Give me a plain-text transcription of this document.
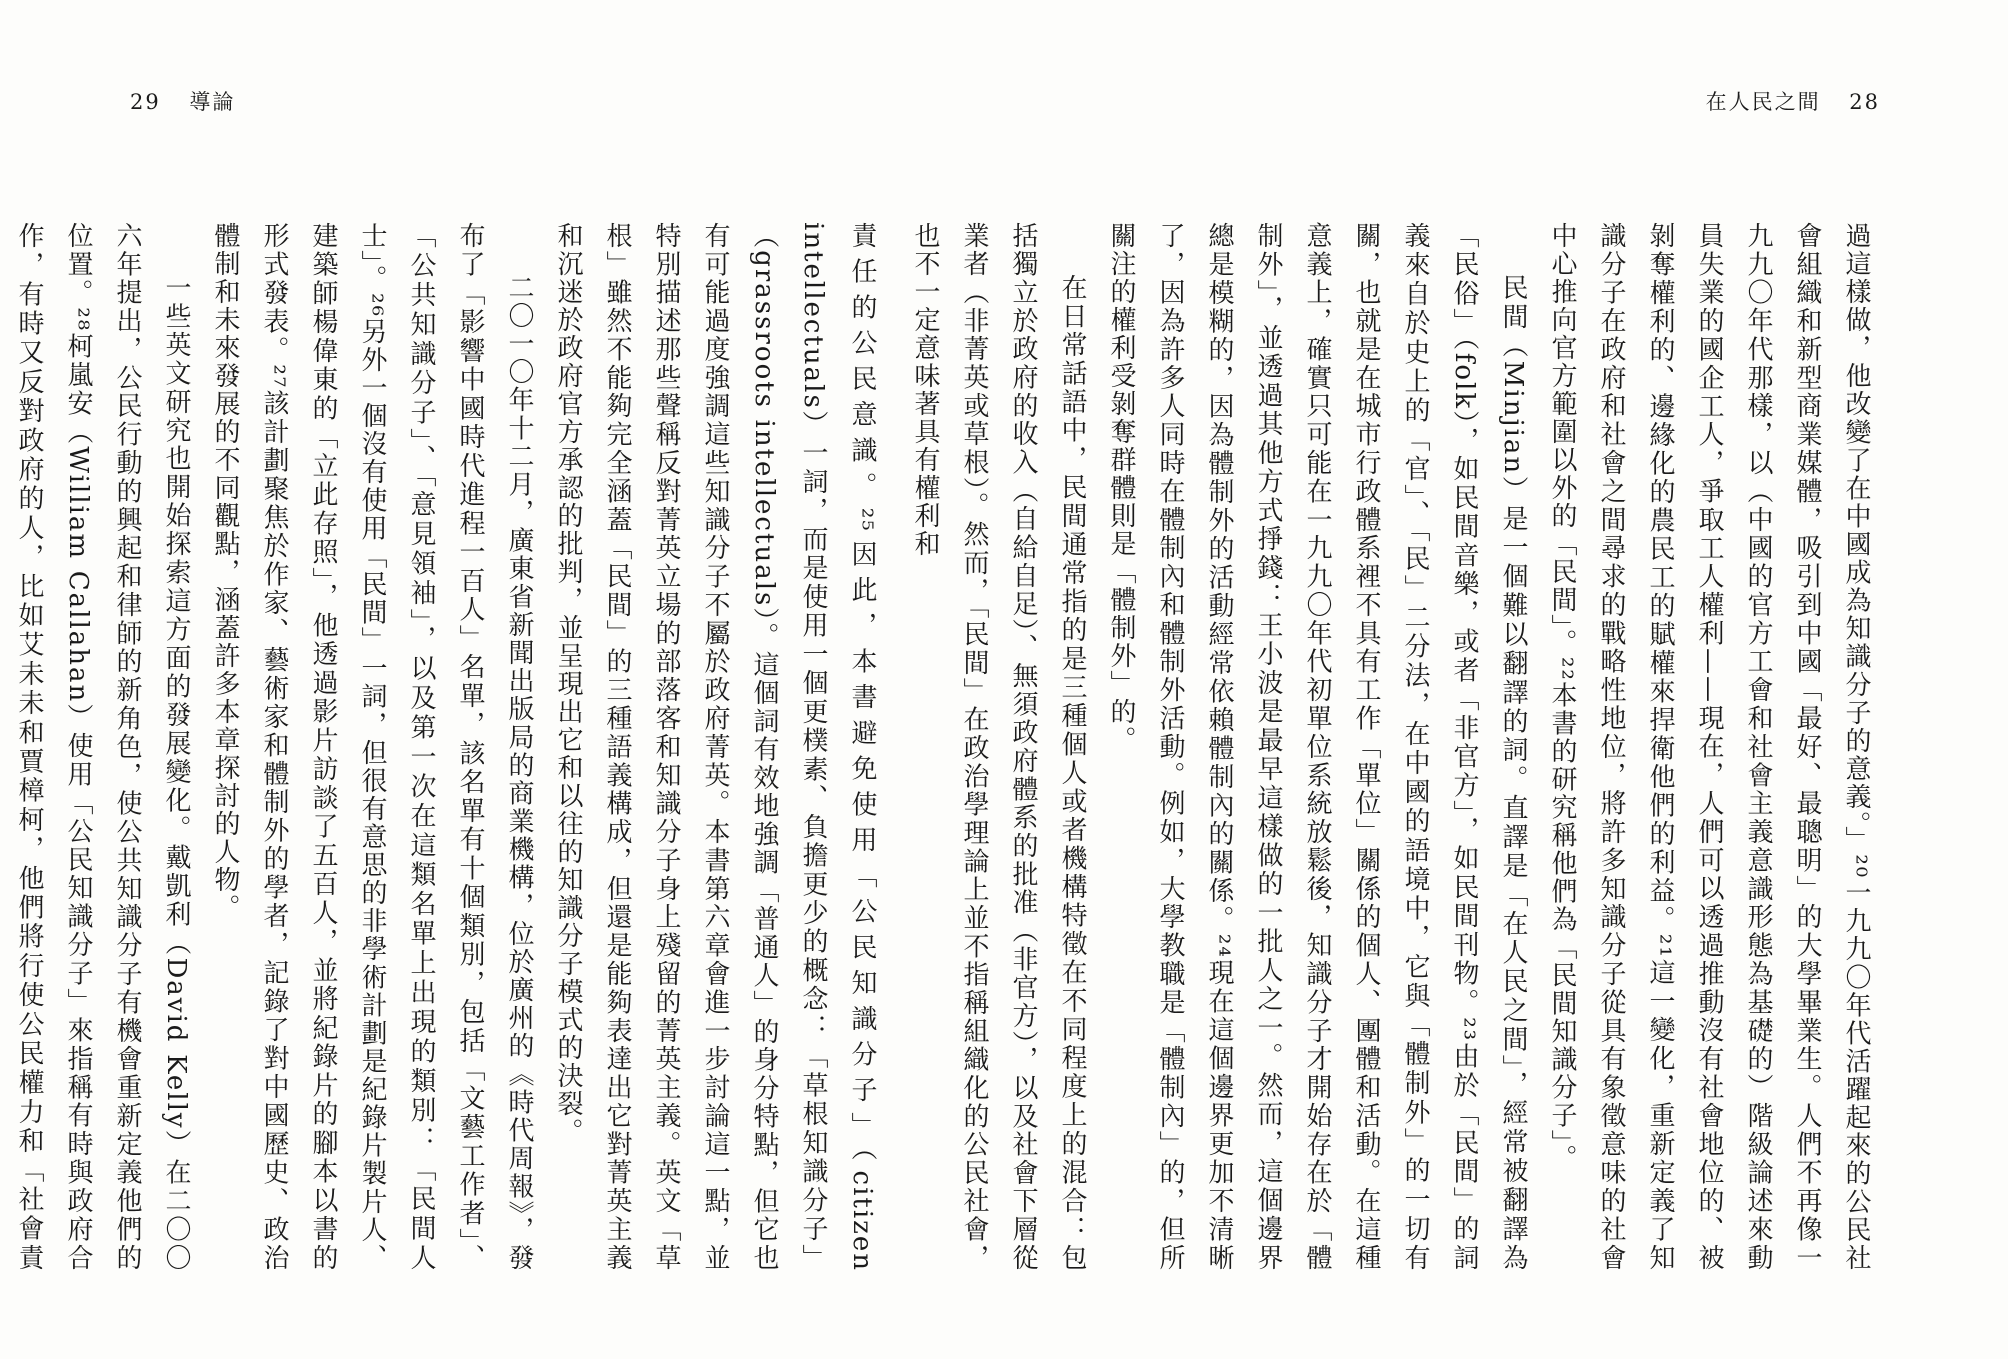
29 導論	在人民之間 28

過這樣做，他改變了在中國成為知識分子的意義。」²⁰一九九〇年代活躍起來的公民社會組織和新型商業媒體，吸引到中國「最好、最聰明」的大學畢業生。人們不再像一九九〇年代那樣，以（中國的官方工會和社會主義意識形態為基礎的）階級論述來動員失業的國企工人，爭取工人權利——現在，人們可以透過推動沒有社會地位的、被剝奪權利的、邊緣化的農民工的賦權來捍衛他們的利益。²¹這一變化，重新定義了知識分子在政府和社會之間尋求的戰略性地位，將許多知識分子從具有象徵意味的社會中心推向官方範圍以外的「民間」。²²本書的研究稱他們為「民間知識分子」。

民間（Minjian）是一個難以翻譯的詞。直譯是「在人民之間」，經常被翻譯為「民俗」（folk），如民間音樂，或者「非官方」，如民間刊物。²³由於「民間」的詞義來自於史上的「官」、「民」二分法，在中國的語境中，它與「體制外」的一切有關，也就是在城市行政體系裡不具有工作「單位」關係的個人、團體和活動。在這種意義上，確實只可能在一九九〇年代初單位系統放鬆後，知識分子才開始存在於「體制外」，並透過其他方式掙錢：王小波是最早這樣做的一批人之一。然而，這個邊界總是模糊的，因為體制外的活動經常依賴體制內的關係。²⁴現在這個邊界更加不清晰了，因為許多人同時在體制內和體制外活動。例如，大學教職是「體制內」的，但所關注的權利受剝奪群體則是「體制外」的。

在日常話語中，民間通常指的是三種個人或者機構特徵在不同程度上的混合：包括獨立於政府的收入（自給自足）、無須政府體系的批准（非官方），以及社會下層從業者（非菁英或草根）。然而，「民間」在政治學理論上並不指稱組織化的公民社會，也不一定意味著具有權利和

責任的公民意識。²⁵因此，本書避免使用「公民知識分子」（citizen intellectuals）一詞，而是使用一個更樸素、負擔更少的概念：「草根知識分子」（grassroots intellectuals）。這個詞有效地強調「普通人」的身分特點，但它也有可能過度強調這些知識分子不屬於政府菁英。本書第六章會進一步討論這一點，並特別描述那些聲稱反對菁英立場的部落客和知識分子身上殘留的菁英主義。英文「草根」雖然不能夠完全涵蓋「民間」的三種語義構成，但還是能夠表達出它對菁英主義和沉迷於政府官方承認的批判，並呈現出它和以往的知識分子模式的決裂。

二〇一〇年十二月，廣東省新聞出版局的商業機構，位於廣州的《時代周報》，發布了「影響中國時代進程一百人」名單，該名單有十個類別，包括「文藝工作者」、「公共知識分子」、「意見領袖」，以及第一次在這類名單上出現的類別：「民間人士」。²⁶另外一個沒有使用「民間」一詞，但很有意思的非學術計劃是紀錄片製片人、建築師楊偉東的「立此存照」，他透過影片訪談了五百人，並將紀錄片的腳本以書的形式發表。²⁷該計劃聚焦於作家、藝術家和體制外的學者，記錄了對中國歷史、政治體制和未來發展的不同觀點，涵蓋許多本章探討的人物。

一些英文研究也開始探索這方面的發展變化。戴凱利（David Kelly）在二〇〇六年提出，公民行動的興起和律師的新角色，使公共知識分子有機會重新定義他們的位置。²⁸柯嵐安（William Callahan）使用「公民知識分子」來指稱有時與政府合作，有時又反對政府的人，比如艾未未和賈樟柯，他們將行使公民權力和「社會責
